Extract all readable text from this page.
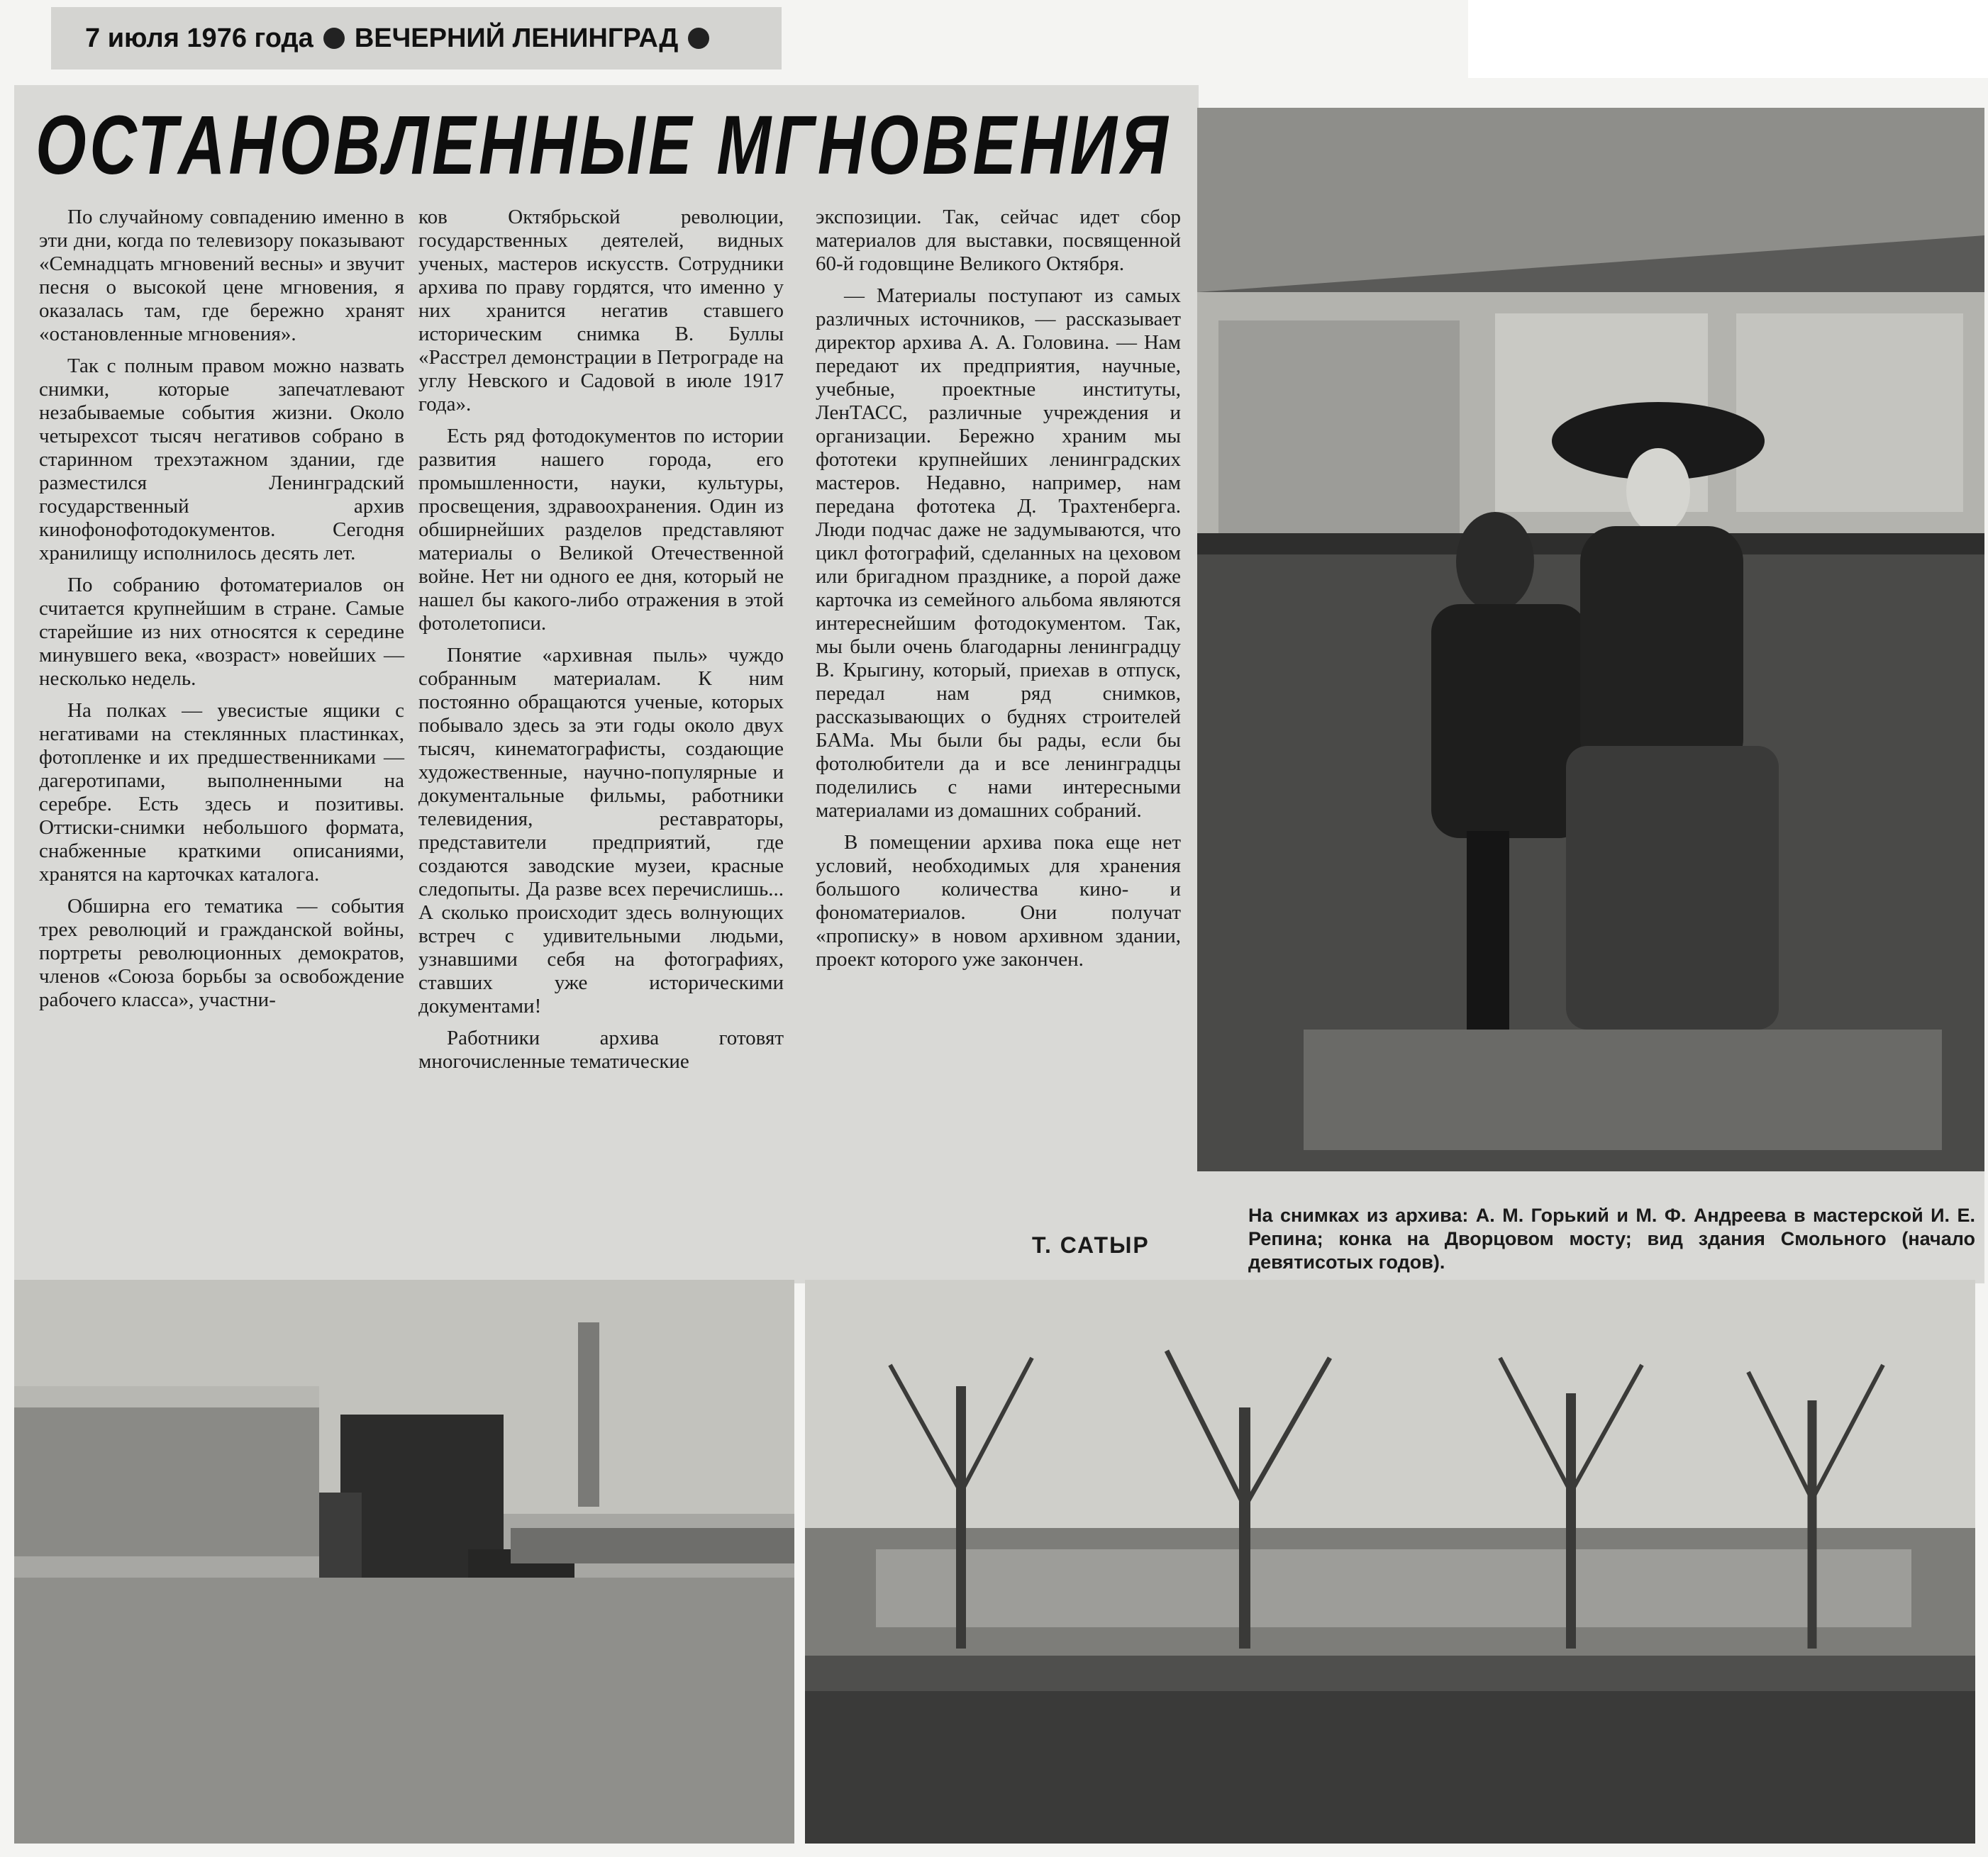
7 июля 1976 года ВЕЧЕРНИЙ ЛЕНИНГРАД
ОСТАНОВЛЕННЫЕ МГНОВЕНИЯ

По случайному совпадению именно в эти дни, когда по телевизору показывают «Семнадцать мгновений весны» и звучит песня о высокой цене мгновения, я оказалась там, где бережно хранят «остановленные мгновения».

Так с полным правом можно назвать снимки, которые запечатлевают незабываемые события жизни. Около четырехсот тысяч негативов собрано в старинном трехэтажном здании, где разместился Ленинградский государственный архив кинофонофотодокументов. Сегодня хранилищу исполнилось десять лет.

По собранию фотоматериалов он считается крупнейшим в стране. Самые старейшие из них относятся к середине минувшего века, «возраст» новейших — несколько недель.

На полках — увесистые ящики с негативами на стеклянных пластинках, фотопленке и их предшественниками — дагеротипами, выполненными на серебре. Есть здесь и позитивы. Оттиски-снимки небольшого формата, снабженные краткими описаниями, хранятся на карточках каталога.

Обширна его тематика — события трех революций и гражданской войны, портреты революционных демократов, членов «Союза борьбы за освобождение рабочего класса», участни-

ков Октябрьской революции, государственных деятелей, видных ученых, мастеров искусств. Сотрудники архива по праву гордятся, что именно у них хранится негатив ставшего историческим снимка В. Буллы «Расстрел демонстрации в Петрограде на углу Невского и Садовой в июле 1917 года».

Есть ряд фотодокументов по истории развития нашего города, его промышленности, науки, культуры, просвещения, здравоохранения. Один из обширнейших разделов представляют материалы о Великой Отечественной войне. Нет ни одного ее дня, который не нашел бы какого-либо отражения в этой фотолетописи.

Понятие «архивная пыль» чуждо собранным материалам. К ним постоянно обращаются ученые, которых побывало здесь за эти годы около двух тысяч, кинематографисты, создающие художественные, научно-популярные и документальные фильмы, работники телевидения, реставраторы, представители предприятий, где создаются заводские музеи, красные следопыты. Да разве всех перечислишь... А сколько происходит здесь волнующих встреч с удивительными людьми, узнавшими себя на фотографиях, ставших уже историческими документами!

Работники архива готовят многочисленные тематические

экспозиции. Так, сейчас идет сбор материалов для выставки, посвященной 60-й годовщине Великого Октября.

— Материалы поступают из самых различных источников, — рассказывает директор архива А. А. Головина. — Нам передают их предприятия, научные, учебные, проектные институты, ЛенТАСС, различные учреждения и организации. Бережно храним мы фототеки крупнейших ленинградских мастеров. Недавно, например, нам передана фототека Д. Трахтенберга. Люди подчас даже не задумываются, что цикл фотографий, сделанных на цеховом или бригадном празднике, а порой даже карточка из семейного альбома являются интереснейшим фотодокументом. Так, мы были очень благодарны ленинградцу В. Крыгину, который, приехав в отпуск, передал нам ряд снимков, рассказывающих о буднях строителей БАМа. Мы были бы рады, если бы фотолюбители да и все ленинградцы поделились с нами интересными материалами из домашних собраний.

В помещении архива пока еще нет условий, необходимых для хранения большого количества кино- и фономатериалов. Они получат «прописку» в новом архивном здании, проект которого уже закончен.

Т. САТЫР
На снимках из архива: А. М. Горький и М. Ф. Андреева в мастерской И. Е. Репина; конка на Дворцовом мосту; вид здания Смольного (начало девятисотых годов).
